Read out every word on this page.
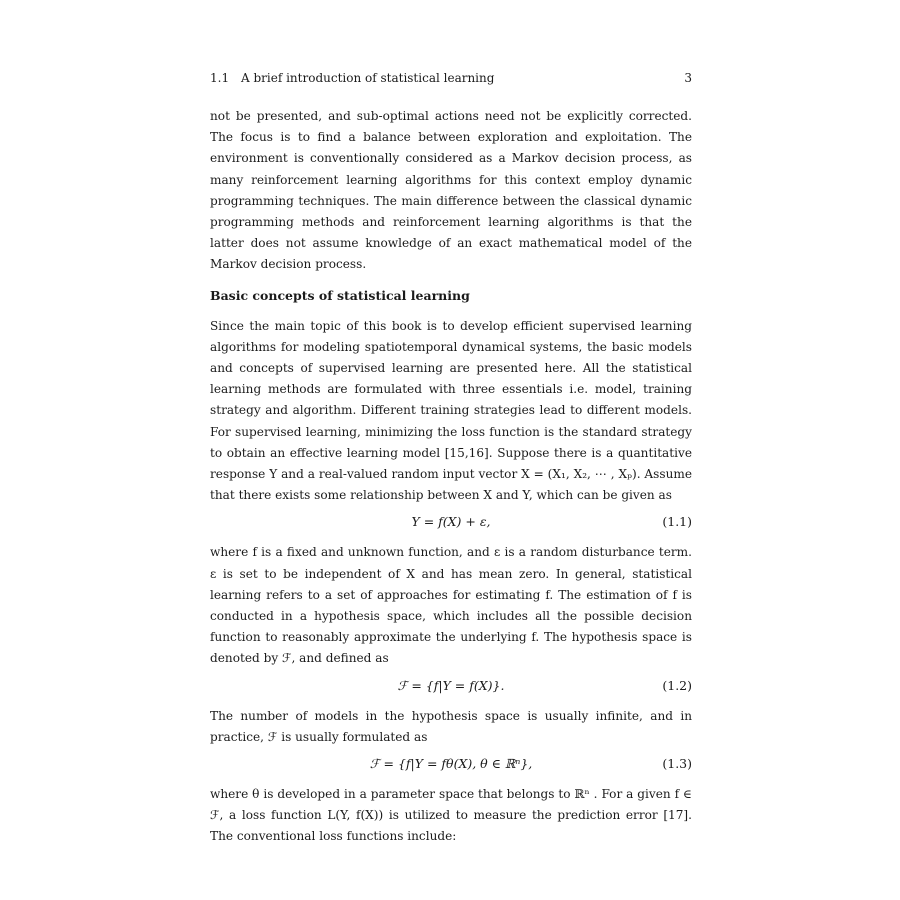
1.1 A brief introduction of statistical learning	3

not be presented, and sub-optimal actions need not be explicitly corrected. The focus is to find a balance between exploration and exploitation. The environment is conventionally considered as a Markov decision process, as many reinforcement learning algorithms for this context employ dynamic programming techniques. The main difference between the classical dynamic programming methods and reinforcement learning algorithms is that the latter does not assume knowledge of an exact mathematical model of the Markov decision process.

Basic concepts of statistical learning

Since the main topic of this book is to develop efficient supervised learning algorithms for modeling spatiotemporal dynamical systems, the basic models and concepts of supervised learning are presented here. All the statistical learning methods are formulated with three essentials i.e. model, training strategy and algorithm. Different training strategies lead to different models. For supervised learning, minimizing the loss function is the standard strategy to obtain an effective learning model [15,16]. Suppose there is a quantitative response Y and a real-valued random input vector X = (X₁, X₂, ⋯ , Xₚ). Assume that there exists some relationship between X and Y, which can be given as

Y = f(X) + ε,	(1.1)

where f is a fixed and unknown function, and ε is a random disturbance term. ε is set to be independent of X and has mean zero. In general, statistical learning refers to a set of approaches for estimating f. The estimation of f is conducted in a hypothesis space, which includes all the possible decision function to reasonably approximate the underlying f. The hypothesis space is denoted by ℱ, and defined as

ℱ = {f|Y = f(X)}.	(1.2)

The number of models in the hypothesis space is usually infinite, and in practice, ℱ is usually formulated as

ℱ = {f|Y = fθ(X), θ ∈ ℝⁿ},	(1.3)

where θ is developed in a parameter space that belongs to ℝⁿ . For a given f ∈ ℱ, a loss function L(Y, f(X)) is utilized to measure the prediction error [17]. The conventional loss functions include:
